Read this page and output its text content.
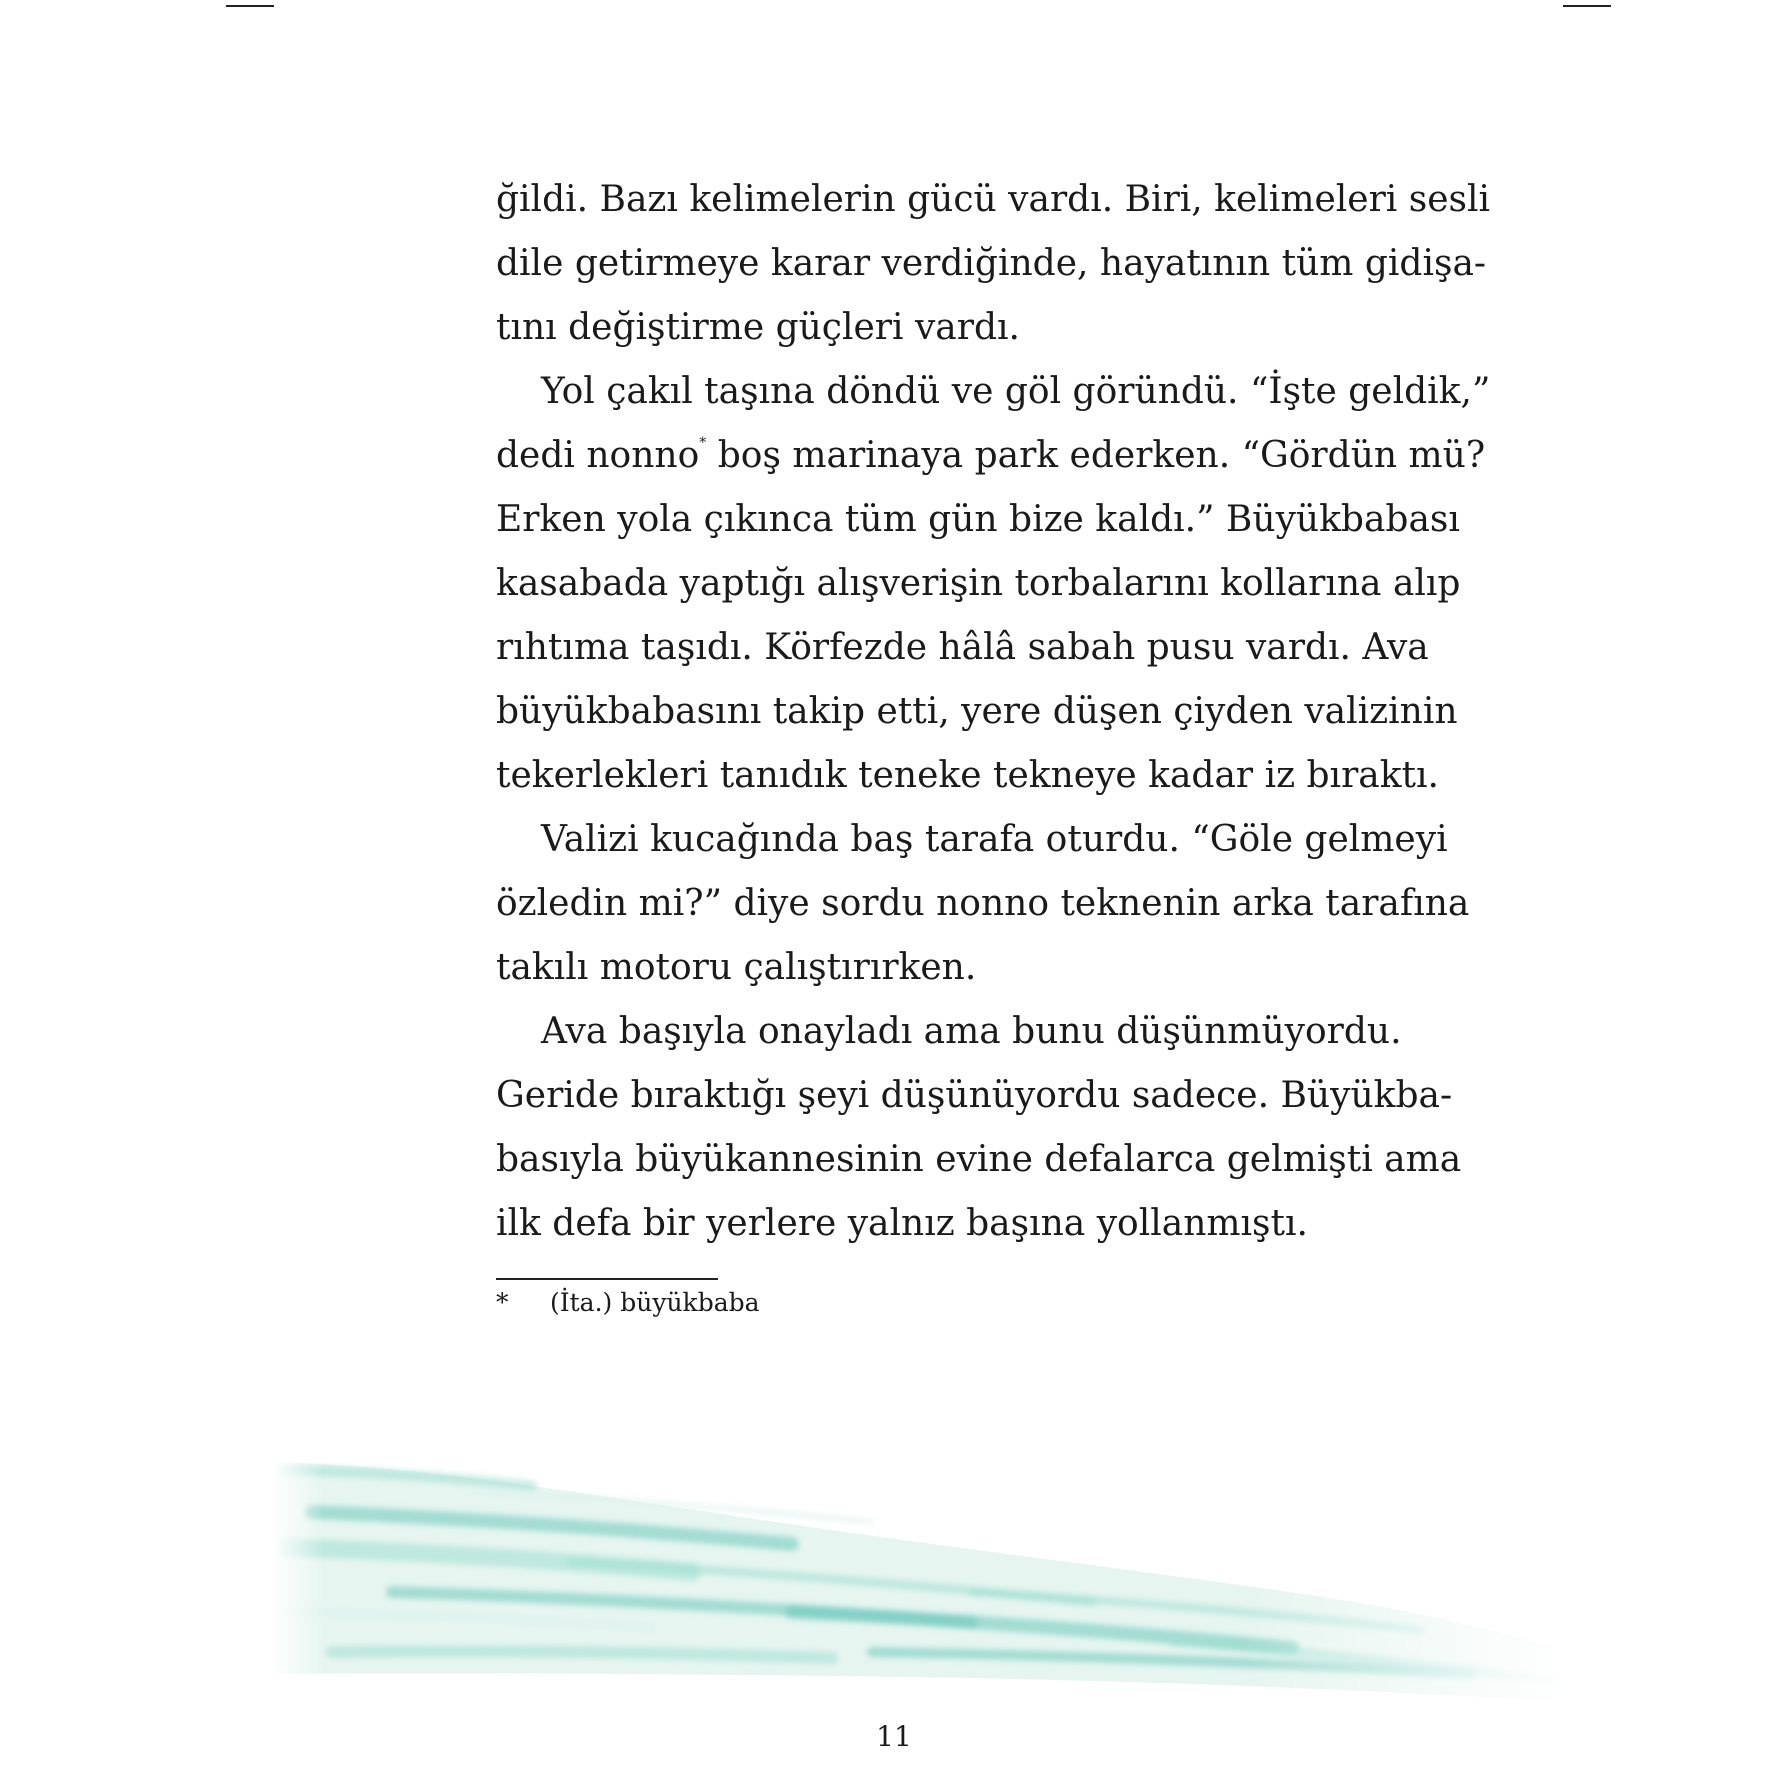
ğildi. Bazı kelimelerin gücü vardı. Biri, kelimeleri sesli
dile getirmeye karar verdiğinde, hayatının tüm gidişa-
tını değiştirme güçleri vardı.
Yol çakıl taşına döndü ve göl göründü. “İşte geldik,”
dedi nonno* boş marinaya park ederken. “Gördün mü?
Erken yola çıkınca tüm gün bize kaldı.” Büyükbabası
kasabada yaptığı alışverişin torbalarını kollarına alıp
rıhtıma taşıdı. Körfezde hâlâ sabah pusu vardı. Ava
büyükbabasını takip etti, yere düşen çiyden valizinin
tekerlekleri tanıdık teneke tekneye kadar iz bıraktı.
Valizi kucağında baş tarafa oturdu. “Göle gelmeyi
özledin mi?” diye sordu nonno teknenin arka tarafına
takılı motoru çalıştırırken.
Ava başıyla onayladı ama bunu düşünmüyordu.
Geride bıraktığı şeyi düşünüyordu sadece. Büyükba-
basıyla büyükannesinin evine defalarca gelmişti ama
ilk defa bir yerlere yalnız başına yollanmıştı.
* (İta.) büyükbaba
11
